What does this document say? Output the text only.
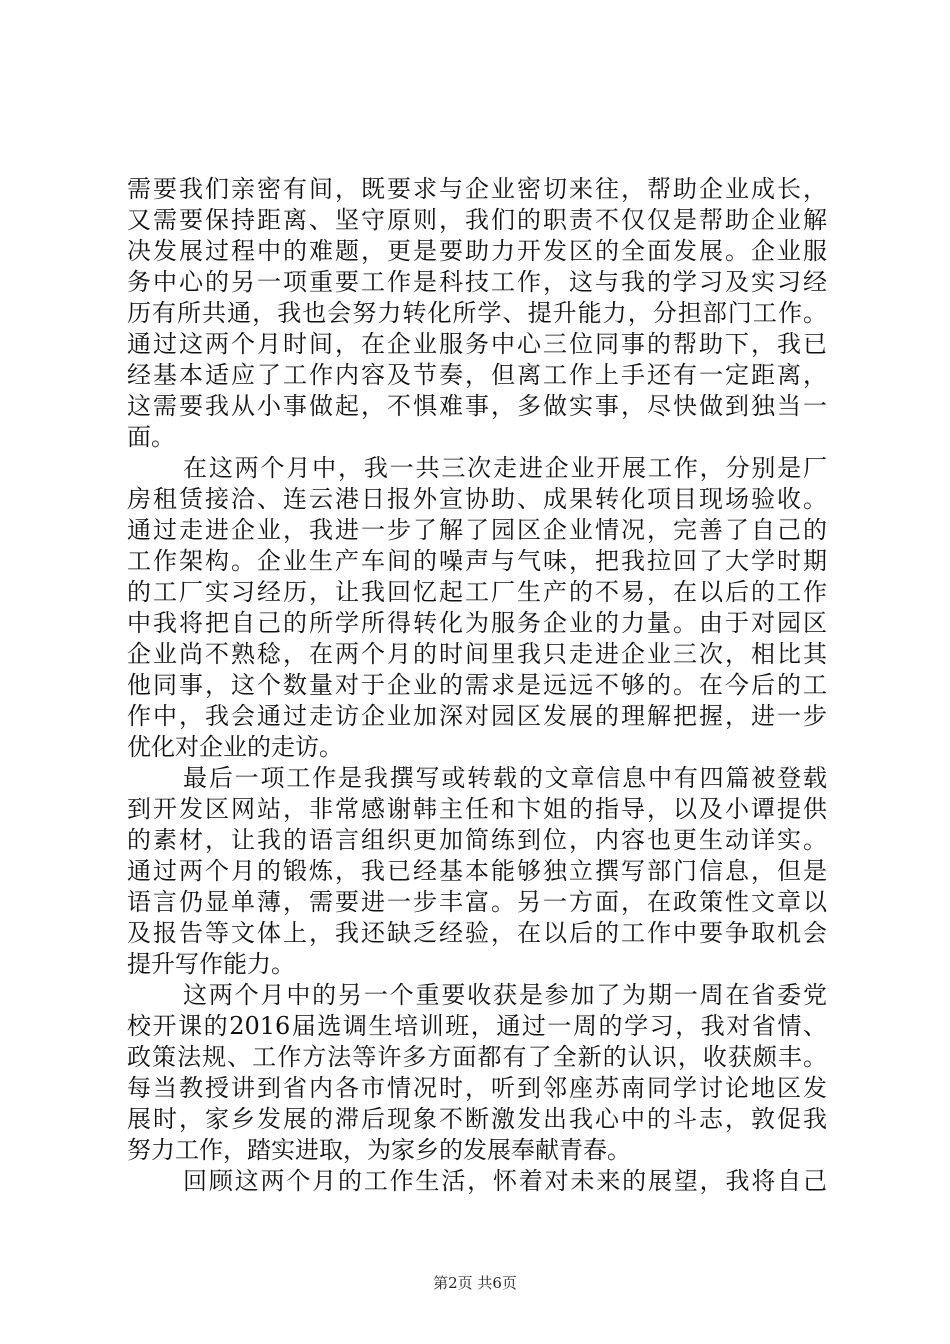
需要我们亲密有间，既要求与企业密切来往，帮助企业成长，
又需要保持距离、坚守原则，我们的职责不仅仅是帮助企业解
决发展过程中的难题，更是要助力开发区的全面发展。企业服
务中心的另一项重要工作是科技工作，这与我的学习及实习经
历有所共通，我也会努力转化所学、提升能力，分担部门工作。
通过这两个月时间，在企业服务中心三位同事的帮助下，我已
经基本适应了工作内容及节奏，但离工作上手还有一定距离，
这需要我从小事做起，不惧难事，多做实事，尽快做到独当一
面。
在这两个月中，我一共三次走进企业开展工作，分别是厂
房租赁接洽、连云港日报外宣协助、成果转化项目现场验收。
通过走进企业，我进一步了解了园区企业情况，完善了自己的
工作架构。企业生产车间的噪声与气味，把我拉回了大学时期
的工厂实习经历，让我回忆起工厂生产的不易，在以后的工作
中我将把自己的所学所得转化为服务企业的力量。由于对园区
企业尚不熟稔，在两个月的时间里我只走进企业三次，相比其
他同事，这个数量对于企业的需求是远远不够的。在今后的工
作中，我会通过走访企业加深对园区发展的理解把握，进一步
优化对企业的走访。
最后一项工作是我撰写或转载的文章信息中有四篇被登载
到开发区网站，非常感谢韩主任和卞姐的指导，以及小谭提供
的素材，让我的语言组织更加简练到位，内容也更生动详实。
通过两个月的锻炼，我已经基本能够独立撰写部门信息，但是
语言仍显单薄，需要进一步丰富。另一方面，在政策性文章以
及报告等文体上，我还缺乏经验，在以后的工作中要争取机会
提升写作能力。
这两个月中的另一个重要收获是参加了为期一周在省委党
校开课的2016届选调生培训班，通过一周的学习，我对省情、
政策法规、工作方法等许多方面都有了全新的认识，收获颇丰。
每当教授讲到省内各市情况时，听到邻座苏南同学讨论地区发
展时，家乡发展的滞后现象不断激发出我心中的斗志，敦促我
努力工作，踏实进取，为家乡的发展奉献青春。
回顾这两个月的工作生活，怀着对未来的展望，我将自己
第2页 共6页
